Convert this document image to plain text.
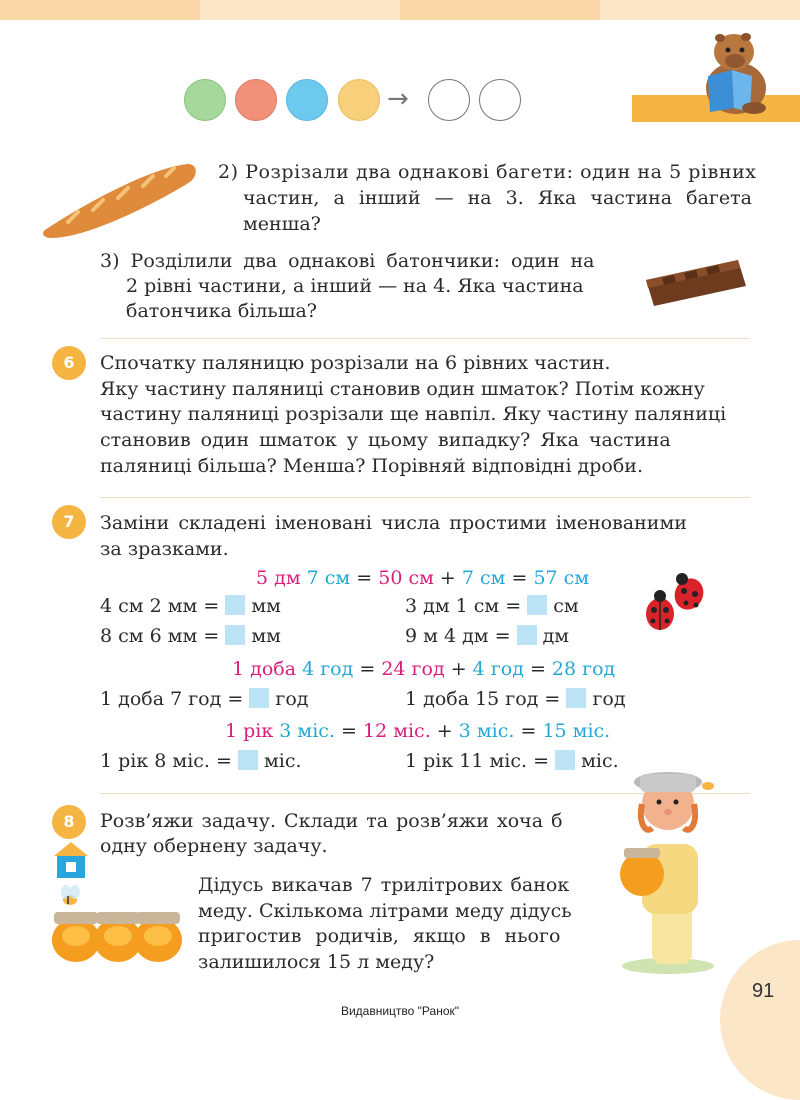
→
2) Розрізали два однакові багети: один на 5 рівних
частин, а інший — на 3. Яка частина багета
менша?
3) Розділили два однакові батончики: один на
2 рівні частини, а інший — на 4. Яка частина
батончика більша?
6	Спочатку паляницю розрізали на 6 рівних частин.
Яку частину паляниці становив один шматок? Потім кожну
частину паляниці розрізали ще навпіл. Яку частину паляниці
становив один шматок у цьому випадку? Яка частина
паляниці більша? Менша? Порівняй відповідні дроби.
7	Заміни складені іменовані числа простими іменованими
за зразками.
5 дм 7 см = 50 см + 7 см = 57 см
4 см 2 мм = мм	3 дм 1 см = см
8 см 6 мм = мм	9 м 4 дм = дм
1 доба 4 год = 24 год + 4 год = 28 год
1 доба 7 год = год	1 доба 15 год = год
1 рік 3 міс. = 12 міс. + 3 міс. = 15 міс.
1 рік 8 міс. = міс.	1 рік 11 міс. = міс.
8	Розв’яжи задачу. Склади та розв’яжи хоча б
одну обернену задачу.
Дідусь викачав 7 трилітрових банок
меду. Скількома літрами меду дідусь
пригостив родичів, якщо в нього
залишилося 15 л меду?
Видавництво "Ранок"
91
